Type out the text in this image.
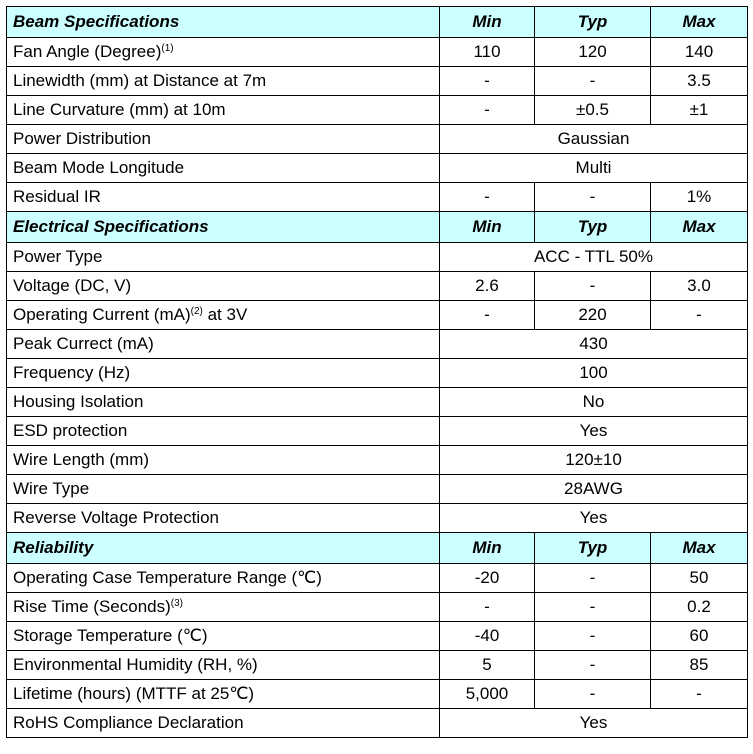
Beam Specifications	Min	Typ	Max
Fan Angle (Degree)$^{(1)}$	110	120	140
Linewidth (mm) at Distance at 7m	-	-	3.5
Line Curvature (mm) at 10m	-	±0.5	±1
Power Distribution	Gaussian		
Beam Mode Longitude	Multi		
Residual IR	-	-	1%
Electrical Specifications	Min	Typ	Max
Power Type	ACC - TTL 50%		
Voltage (DC, V)	2.6	-	3.0
Operating Current (mA)$^{(2)}$ at 3V	-	220	-
Peak Currect (mA)	430		
Frequency (Hz)	100		
Housing Isolation	No		
ESD protection	Yes		
Wire Length (mm)	120±10		
Wire Type	28AWG		
Reverse Voltage Protection	Yes		
Reliability	Min	Typ	Max
Operating Case Temperature Range (℃)	-20	-	50
Rise Time (Seconds)$^{(3)}$	-	-	0.2
Storage Temperature (℃)	-40	-	60
Environmental Humidity (RH, %)	5	-	85
Lifetime (hours) (MTTF at 25℃)	5,000	-	-
RoHS Compliance Declaration	Yes		
